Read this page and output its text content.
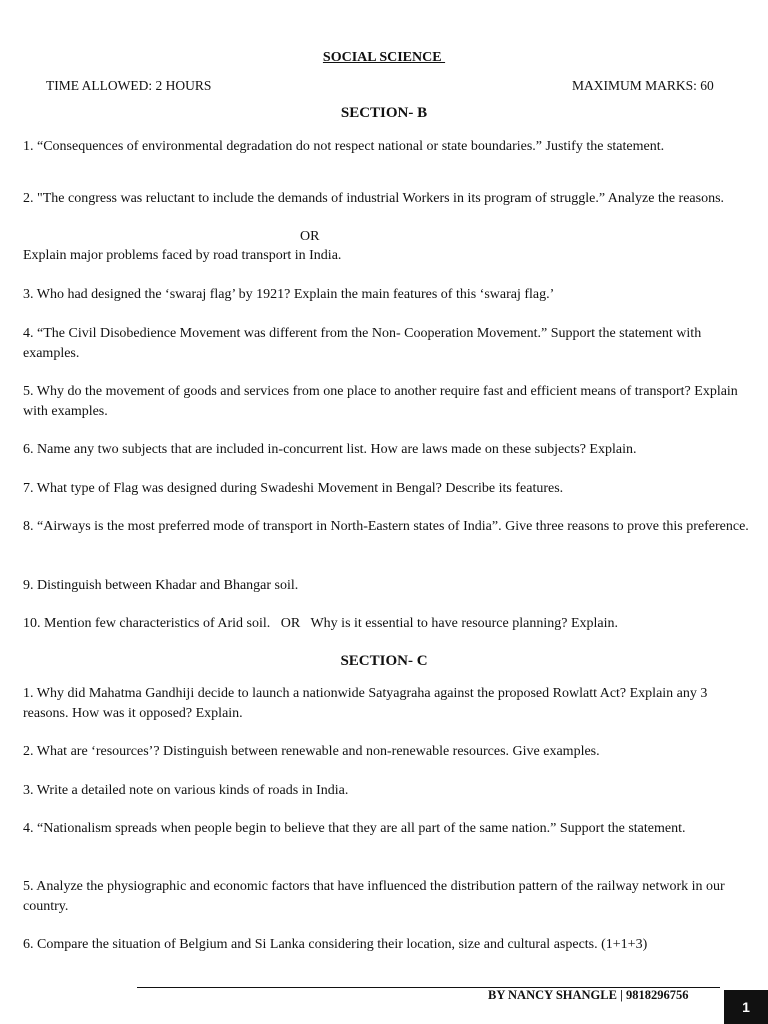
SOCIAL SCIENCE
TIME ALLOWED: 2 HOURS	MAXIMUM MARKS: 60
SECTION- B
1. “Consequences of environmental degradation do not respect national or state boundaries.” Justify the statement.
2. "The congress was reluctant to include the demands of industrial Workers in its program of struggle.” Analyze the reasons.
OR
Explain major problems faced by road transport in India.
3. Who had designed the ‘swaraj flag’ by 1921? Explain the main features of this ‘swaraj flag.’
4. “The Civil Disobedience Movement was different from the Non- Cooperation Movement.” Support the statement with examples.
5. Why do the movement of goods and services from one place to another require fast and efficient means of transport? Explain with examples.
6. Name any two subjects that are included in-concurrent list. How are laws made on these subjects? Explain.
7. What type of Flag was designed during Swadeshi Movement in Bengal? Describe its features.
8. “Airways is the most preferred mode of transport in North-Eastern states of India”. Give three reasons to prove this preference.
9. Distinguish between Khadar and Bhangar soil.
10. Mention few characteristics of Arid soil.   OR   Why is it essential to have resource planning? Explain.
SECTION- C
1. Why did Mahatma Gandhiji decide to launch a nationwide Satyagraha against the proposed Rowlatt Act? Explain any 3 reasons. How was it opposed? Explain.
2. What are ‘resources’? Distinguish between renewable and non-renewable resources. Give examples.
3. Write a detailed note on various kinds of roads in India.
4. “Nationalism spreads when people begin to believe that they are all part of the same nation.” Support the statement.
5. Analyze the physiographic and economic factors that have influenced the distribution pattern of the railway network in our country.
6. Compare the situation of Belgium and Si Lanka considering their location, size and cultural aspects. (1+1+3)
BY NANCY SHANGLE | 9818296756
1
